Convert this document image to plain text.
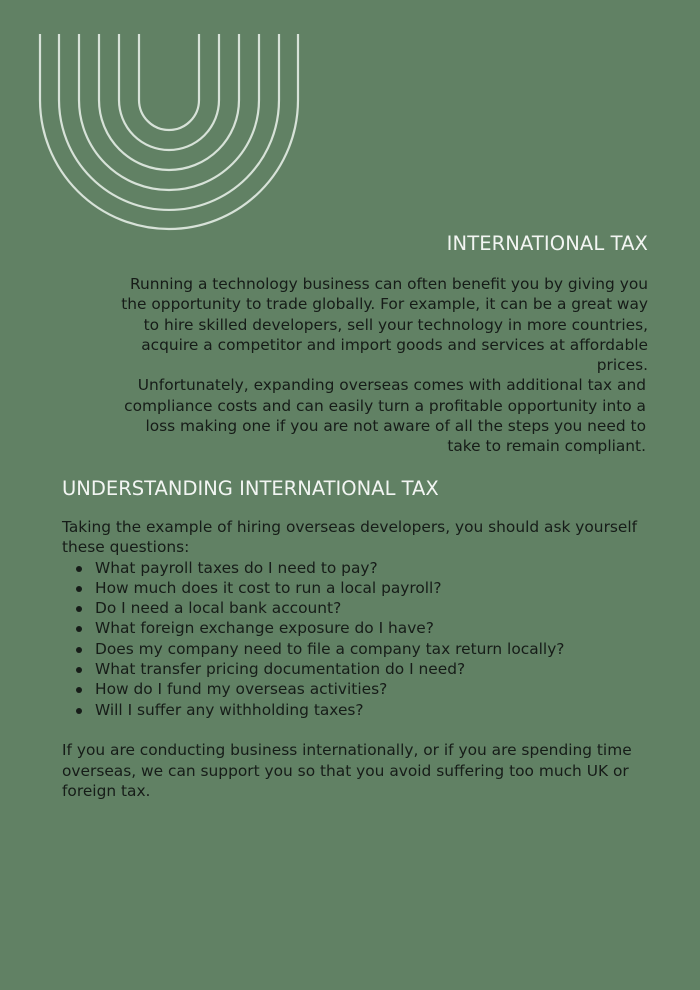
INTERNATIONAL TAX

Running a technology business can often benefit you by giving you the opportunity to trade globally. For example, it can be a great way to hire skilled developers, sell your technology in more countries, acquire a competitor and import goods and services at affordable prices.

Unfortunately, expanding overseas comes with additional tax and compliance costs and can easily turn a profitable opportunity into a loss making one if you are not aware of all the steps you need to take to remain compliant.

UNDERSTANDING INTERNATIONAL TAX

Taking the example of hiring overseas developers, you should ask yourself these questions:

What payroll taxes do I need to pay?
How much does it cost to run a local payroll?
Do I need a local bank account?
What foreign exchange exposure do I have?
Does my company need to file a company tax return locally?
What transfer pricing documentation do I need?
How do I fund my overseas activities?
Will I suffer any withholding taxes?

If you are conducting business internationally, or if you are spending time overseas, we can support you so that you avoid suffering too much UK or foreign tax.
